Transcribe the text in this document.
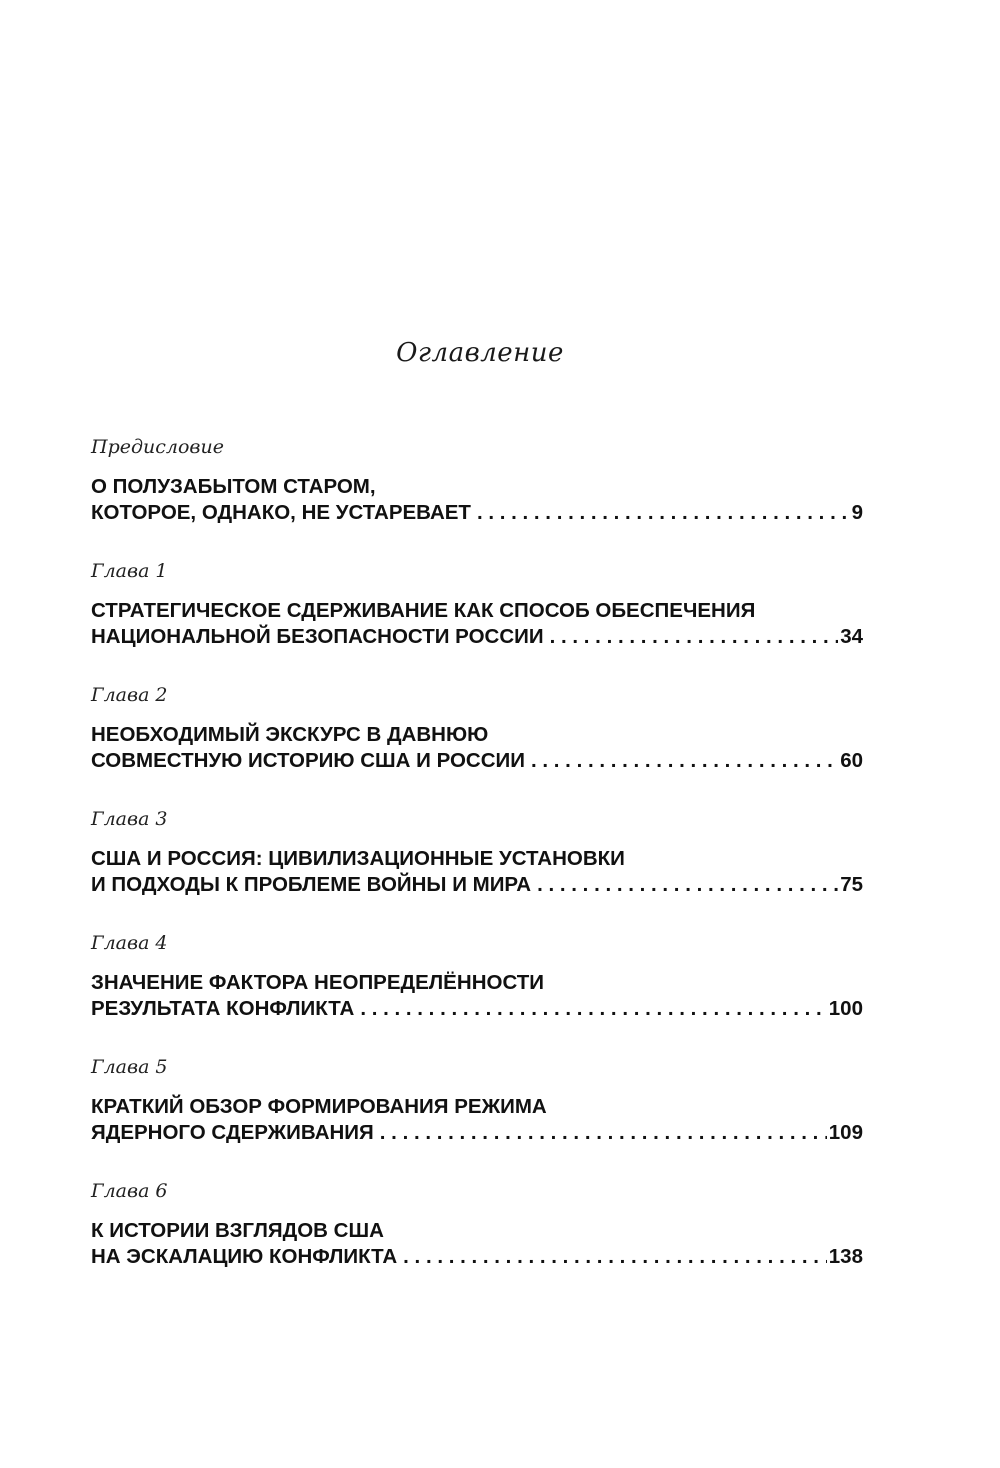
Оглавление
Предисловие
О ПОЛУЗАБЫТОМ СТАРОМ,
КОТОРОЕ, ОДНАКО, НЕ УСТАРЕВАЕТ . . .	9
Глава 1
СТРАТЕГИЧЕСКОЕ СДЕРЖИВАНИЕ КАК СПОСОБ ОБЕСПЕЧЕНИЯ
НАЦИОНАЛЬНОЙ БЕЗОПАСНОСТИ РОССИИ . . .	34
Глава 2
НЕОБХОДИМЫЙ ЭКСКУРС В ДАВНЮЮ
СОВМЕСТНУЮ ИСТОРИЮ США И РОССИИ . . .	60
Глава 3
США И РОССИЯ: ЦИВИЛИЗАЦИОННЫЕ УСТАНОВКИ
И ПОДХОДЫ К ПРОБЛЕМЕ ВОЙНЫ И МИРА . . .	75
Глава 4
ЗНАЧЕНИЕ ФАКТОРА НЕОПРЕДЕЛЁННОСТИ
РЕЗУЛЬТАТА КОНФЛИКТА . . .	100
Глава 5
КРАТКИЙ ОБЗОР ФОРМИРОВАНИЯ РЕЖИМА
ЯДЕРНОГО СДЕРЖИВАНИЯ . . .	109
Глава 6
К ИСТОРИИ ВЗГЛЯДОВ США
НА ЭСКАЛАЦИЮ КОНФЛИКТА . . .	138
